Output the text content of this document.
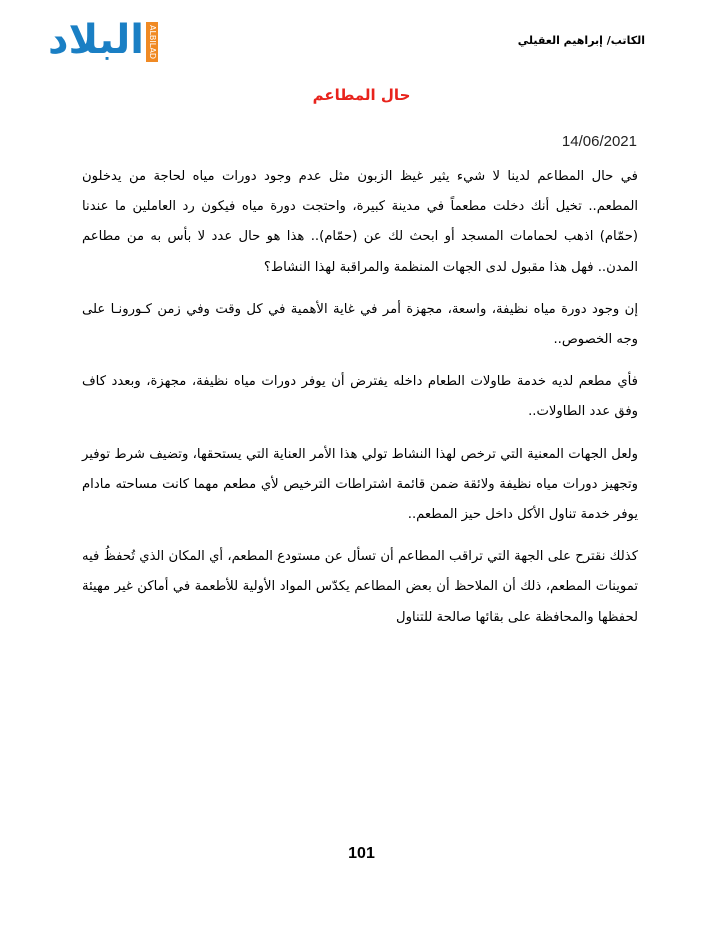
البلاد ALBILAD	الكاتب/ إبراهيم العقيلي
حال المطاعم
14/06/2021

في حال المطاعم لدينا لا شيء يثير غيظ الزبون مثل عدم وجود دورات مياه لحاجة من يدخلون المطعم.. تخيل أنك دخلت مطعماً في مدينة كبيرة، واحتجت دورة مياه فيكون رد العاملين ما عندنا (حمّام) اذهب لحمامات المسجد أو ابحث لك عن (حمّام).. هذا هو حال عدد لا بأس به من مطاعم المدن.. فهل هذا مقبول لدى الجهات المنظمة والمراقبة لهذا النشاط؟

إن وجود دورة مياه نظيفة، واسعة، مجهزة أمر في غاية الأهمية في كل وقت وفي زمن كـورونـا على وجه الخصوص..

فأي مطعم لديه خدمة طاولات الطعام داخله يفترض أن يوفر دورات مياه نظيفة، مجهزة، وبعدد كاف وفق عدد الطاولات..

ولعل الجهات المعنية التي ترخص لهذا النشاط تولي هذا الأمر العناية التي يستحقها، وتضيف شرط توفير وتجهيز دورات مياه نظيفة ولائقة ضمن قائمة اشتراطات الترخيص لأي مطعم مهما كانت مساحته مادام يوفر خدمة تناول الأكل داخل حيز المطعم..

كذلك نقترح على الجهة التي تراقب المطاعم أن تسأل عن مستودع المطعم، أي المكان الذي تُحفظُ فيه تموينات المطعم، ذلك أن الملاحظ أن بعض المطاعم يكدّس المواد الأولية للأطعمة في أماكن غير مهيئة لحفظها والمحافظة على بقائها صالحة للتناول

101
